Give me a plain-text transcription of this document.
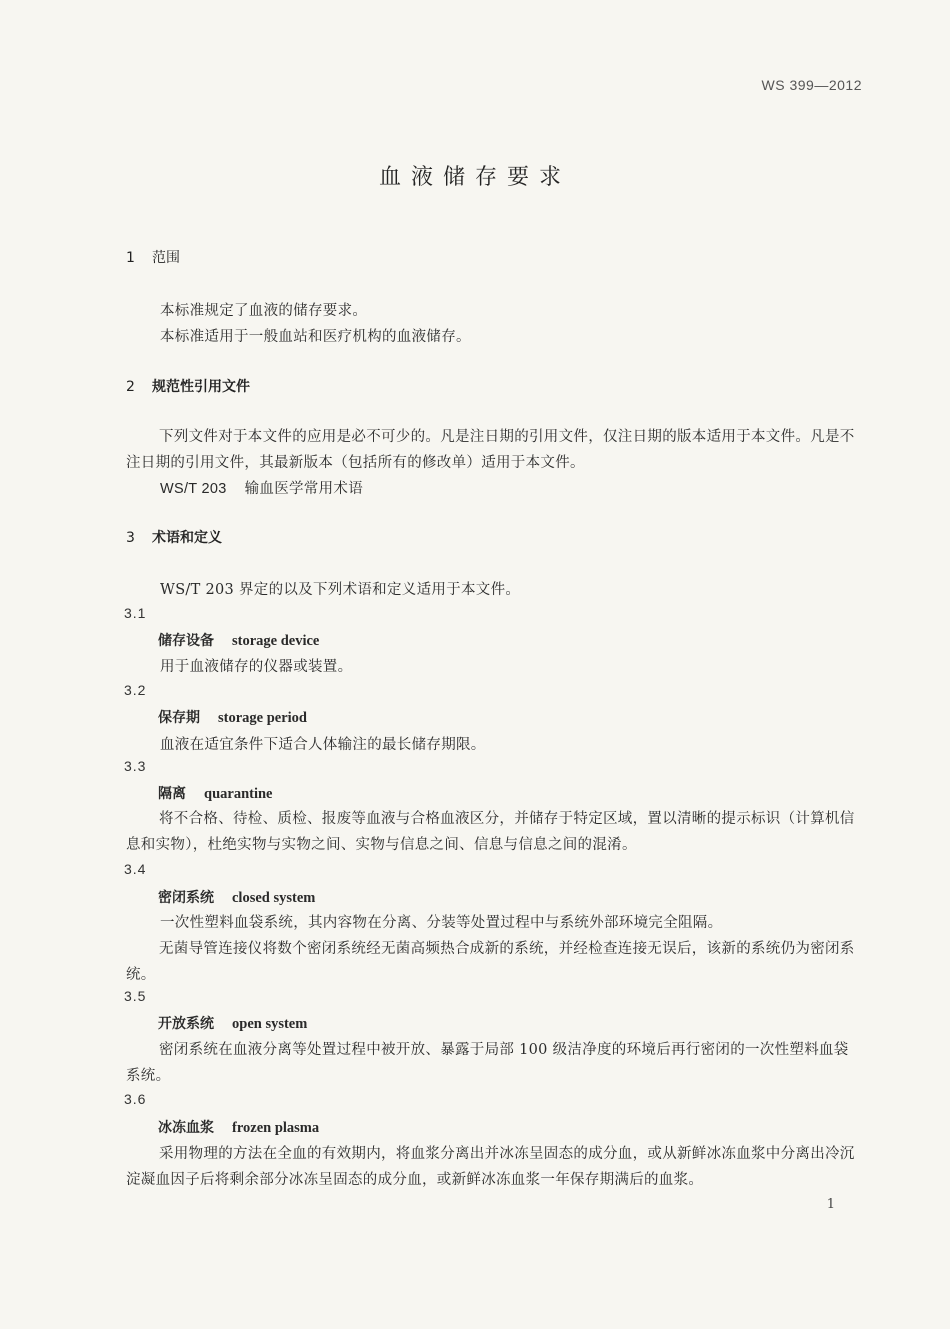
WS 399—2012
血液储存要求
1 范围
本标准规定了血液的储存要求。
本标准适用于一般血站和医疗机构的血液储存。
2 规范性引用文件
下列文件对于本文件的应用是必不可少的。凡是注日期的引用文件，仅注日期的版本适用于本文件。凡是不注日期的引用文件，其最新版本（包括所有的修改单）适用于本文件。
WS/T 203 输血医学常用术语
3 术语和定义
WS/T 203 界定的以及下列术语和定义适用于本文件。
3.1
储存设备 storage device
用于血液储存的仪器或装置。
3.2
保存期 storage period
血液在适宜条件下适合人体输注的最长储存期限。
3.3
隔离 quarantine
将不合格、待检、质检、报废等血液与合格血液区分，并储存于特定区域，置以清晰的提示标识（计算机信息和实物），杜绝实物与实物之间、实物与信息之间、信息与信息之间的混淆。
3.4
密闭系统 closed system
一次性塑料血袋系统，其内容物在分离、分装等处置过程中与系统外部环境完全阻隔。
无菌导管连接仪将数个密闭系统经无菌高频热合成新的系统，并经检查连接无误后，该新的系统仍为密闭系统。
3.5
开放系统 open system
密闭系统在血液分离等处置过程中被开放、暴露于局部 100 级洁净度的环境后再行密闭的一次性塑料血袋系统。
3.6
冰冻血浆 frozen plasma
采用物理的方法在全血的有效期内，将血浆分离出并冰冻呈固态的成分血，或从新鲜冰冻血浆中分离出冷沉淀凝血因子后将剩余部分冰冻呈固态的成分血，或新鲜冰冻血浆一年保存期满后的血浆。
1
